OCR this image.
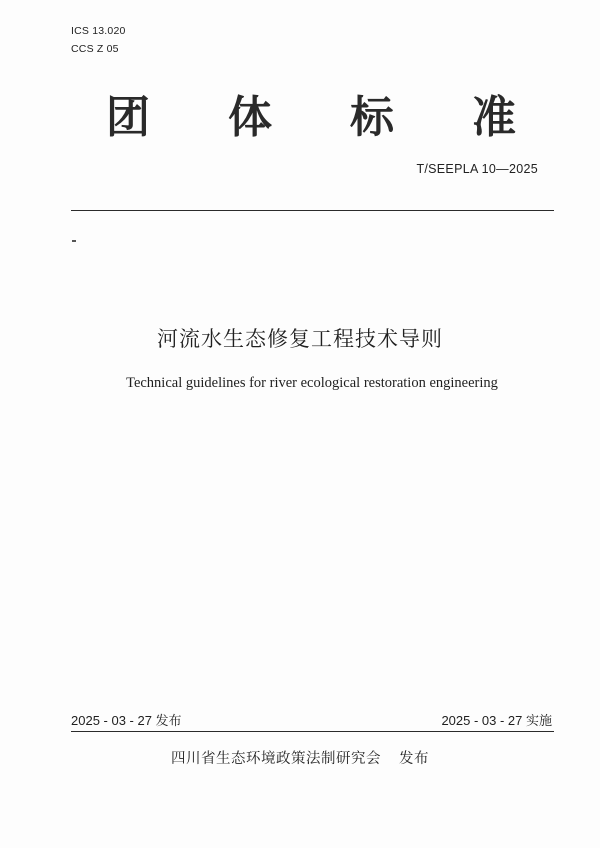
ICS 13.020
CCS Z 05
团 体 标 准
T/SEEPLA 10—2025
河流水生态修复工程技术导则
Technical guidelines for river ecological restoration engineering
2025 - 03 - 27 发布	2025 - 03 - 27 实施
四川省生态环境政策法制研究会 发布
